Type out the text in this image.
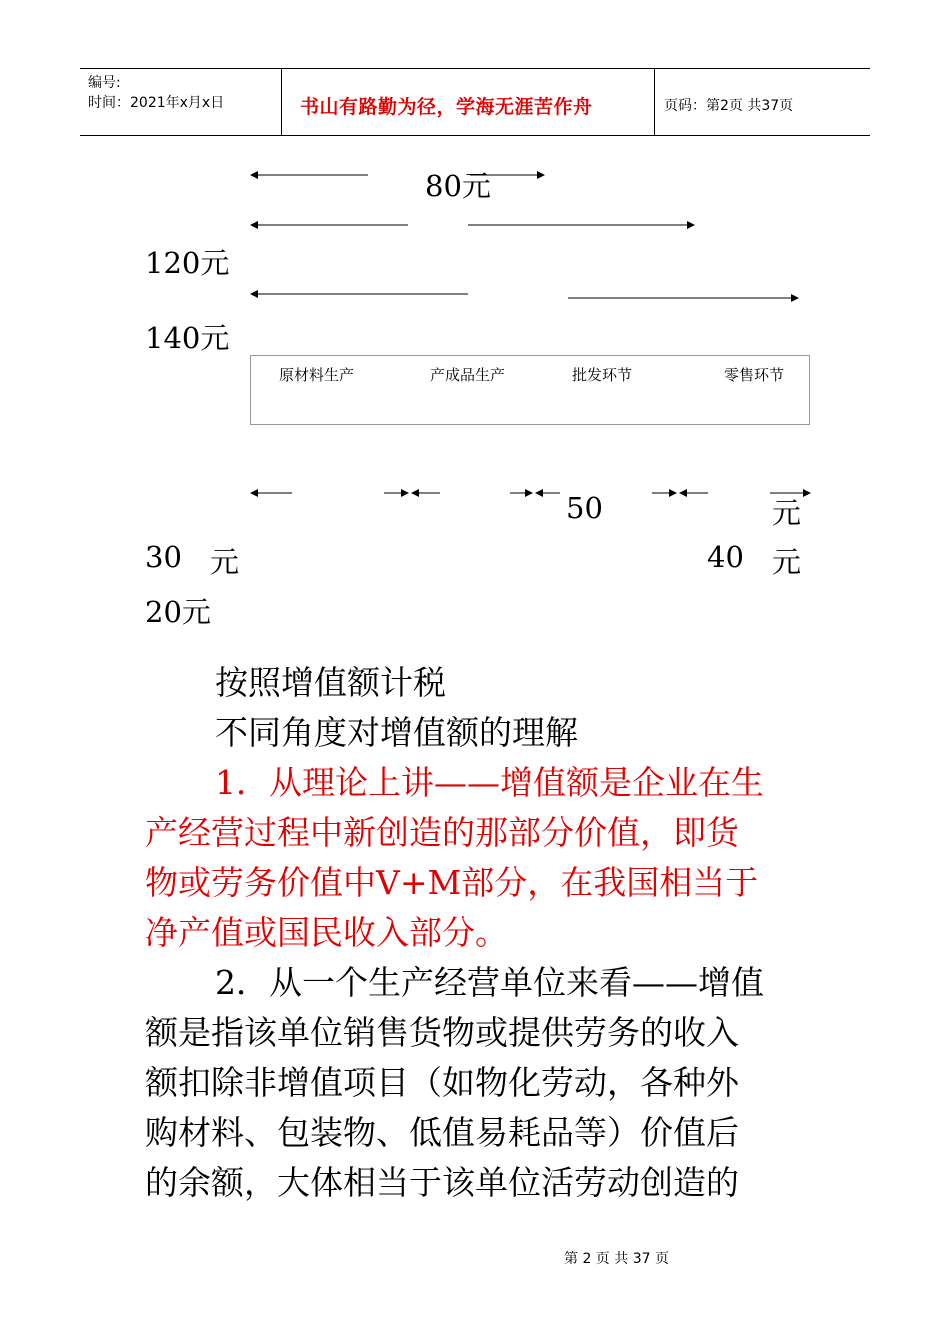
编号:
时间：2021年x月x日	书山有路勤为径，学海无涯苦作舟	页码：第2页 共37页
80元
120元
140元
原材料生产	产成品生产	批发环节	零售环节
50	元
30 元	40 元
20元
按照增值额计税
不同角度对增值额的理解
1．从理论上讲——增值额是企业在生
产经营过程中新创造的那部分价值，即货
物或劳务价值中V+M部分，在我国相当于
净产值或国民收入部分。
2．从一个生产经营单位来看——增值
额是指该单位销售货物或提供劳务的收入
额扣除非增值项目（如物化劳动，各种外
购材料、包装物、低值易耗品等）价值后
的余额，大体相当于该单位活劳动创造的
第 2 页 共 37 页
